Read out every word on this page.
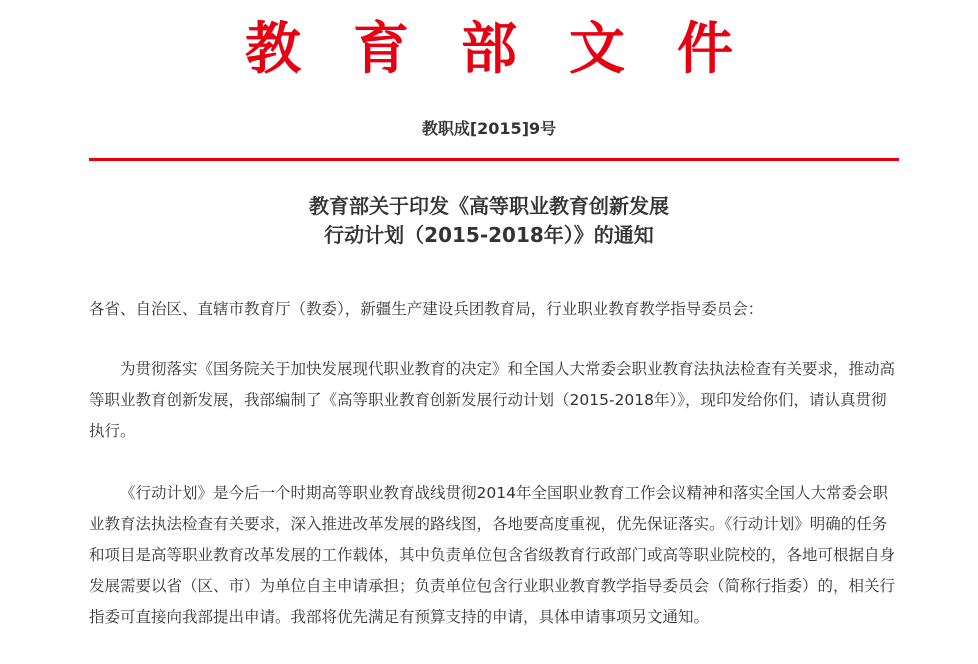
教育部文件
教职成[2015]9号
教育部关于印发《高等职业教育创新发展
行动计划（2015-2018年）》的通知

各省、自治区、直辖市教育厅（教委），新疆生产建设兵团教育局，行业职业教育教学指导委员会：

为贯彻落实《国务院关于加快发展现代职业教育的决定》和全国人大常委会职业教育法执法检查有关要求，推动高等职业教育创新发展，我部编制了《高等职业教育创新发展行动计划（2015-2018年）》，现印发给你们，请认真贯彻执行。

《行动计划》是今后一个时期高等职业教育战线贯彻2014年全国职业教育工作会议精神和落实全国人大常委会职业教育法执法检查有关要求，深入推进改革发展的路线图，各地要高度重视，优先保证落实。《行动计划》明确的任务和项目是高等职业教育改革发展的工作载体，其中负责单位包含省级教育行政部门或高等职业院校的，各地可根据自身发展需要以省（区、市）为单位自主申请承担；负责单位包含行业职业教育教学指导委员会（简称行指委）的，相关行指委可直接向我部提出申请。我部将优先满足有预算支持的申请，具体申请事项另文通知。
